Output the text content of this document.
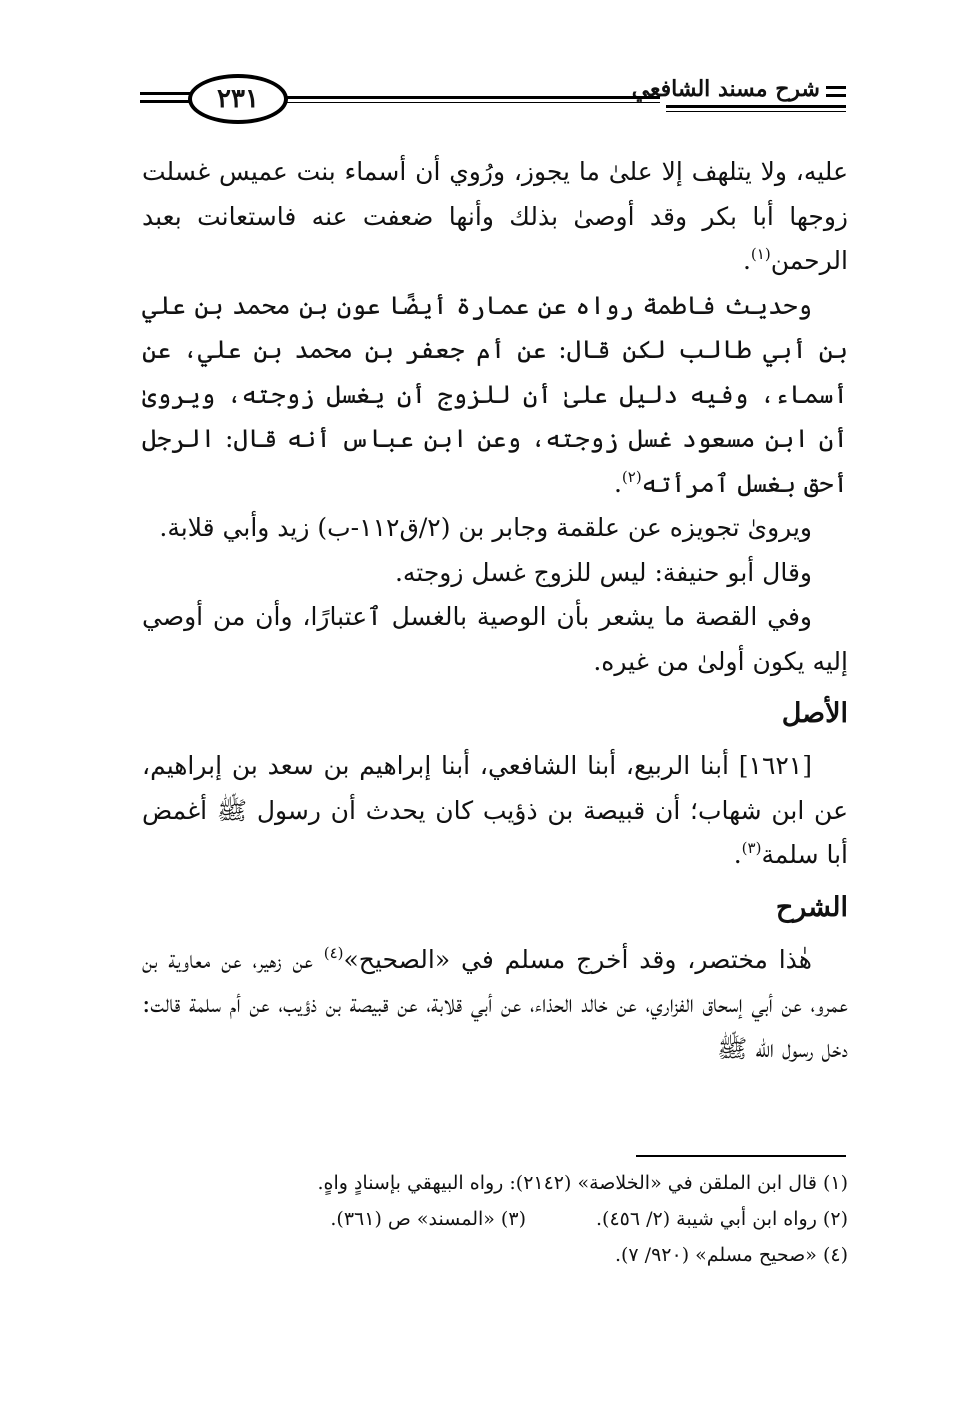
شرح مسند الشافعي
٢٣١

عليه، ولا يتلهف إلا علىٰ ما يجوز، ورُوي أن أسماء بنت عميس غسلت زوجها أبا بكر وقد أوصىٰ بذلك وأنها ضعفت عنه فاستعانت بعبد الرحمن$^{(١)}$.

وحديث فاطمة رواه عن عمارة أيضًا عون بن محمد بن علي بن أبي طالب لكن قال: عن أم جعفر بن محمد بن علي، عن أسماء، وفيه دليل علىٰ أن للزوج أن يغسل زوجته، ويروىٰ أن ابن مسعود غسل زوجته، وعن ابن عباس أنه قال: الرجل أحق بغسل ٱمرأته$^{(٢)}$.

ويروىٰ تجويزه عن علقمة وجابر بن (٢/ق١١٢-ب) زيد وأبي قلابة.

وقال أبو حنيفة: ليس للزوج غسل زوجته.

وفي القصة ما يشعر بأن الوصية بالغسل ٱعتبارًا، وأن من أوصي إليه يكون أولىٰ من غيره.

الأصل

[١٦٢١] أبنا الربيع، أبنا الشافعي، أبنا إبراهيم بن سعد بن إبراهيم، عن ابن شهاب؛ أن قبيصة بن ذؤيب كان يحدث أن رسول ﷺ أغمض أبا سلمة$^{(٣)}$.

الشرح

هٰذا مختصر، وقد أخرج مسلم في «الصحيح»$^{(٤)}$ عن زهير، عن معاوية بن عمرو، عن أبي إسحاق الفزاري، عن خالد الحذاء، عن أبي قلابة، عن قبيصة بن ذؤيب، عن أم سلمة قالت: دخل رسول الله ﷺ

(١) قال ابن الملقن في «الخلاصة» (٢١٤٢): رواه البيهقي بإسنادٍ واهٍ.
(٢) رواه ابن أبي شيبة (٢/ ٤٥٦).(٣) «المسند» ص (٣٦١).
(٤) «صحيح مسلم» (٩٢٠/ ٧).
